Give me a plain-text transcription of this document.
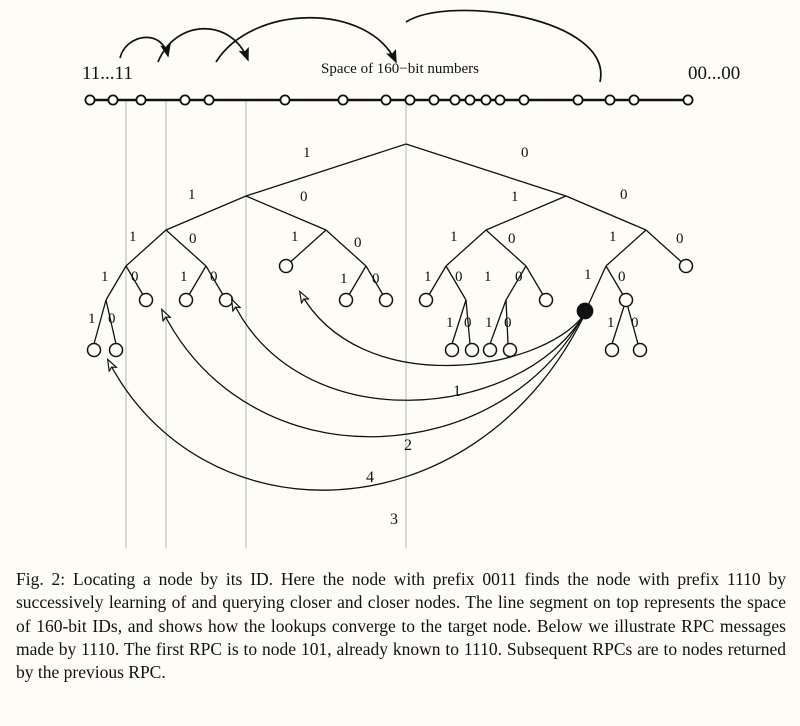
11...11	00...00
Space of 160−bit numbers
1	0
1	0	1	0
1	0	1	0	1	0	1	0
1 0	1 0	1 0	1 0 1 0	1 0
1 0	1 0 1 0	1 0
1
2
4
3
Fig. 2: Locating a node by its ID. Here the node with prefix 0011 finds the node with prefix 1110 by successively learning of and querying closer and closer nodes. The line segment on top represents the space of 160-bit IDs, and shows how the lookups converge to the target node. Below we illustrate RPC messages made by 1110. The first RPC is to node 101, already known to 1110. Subsequent RPCs are to nodes returned by the previous RPC.
